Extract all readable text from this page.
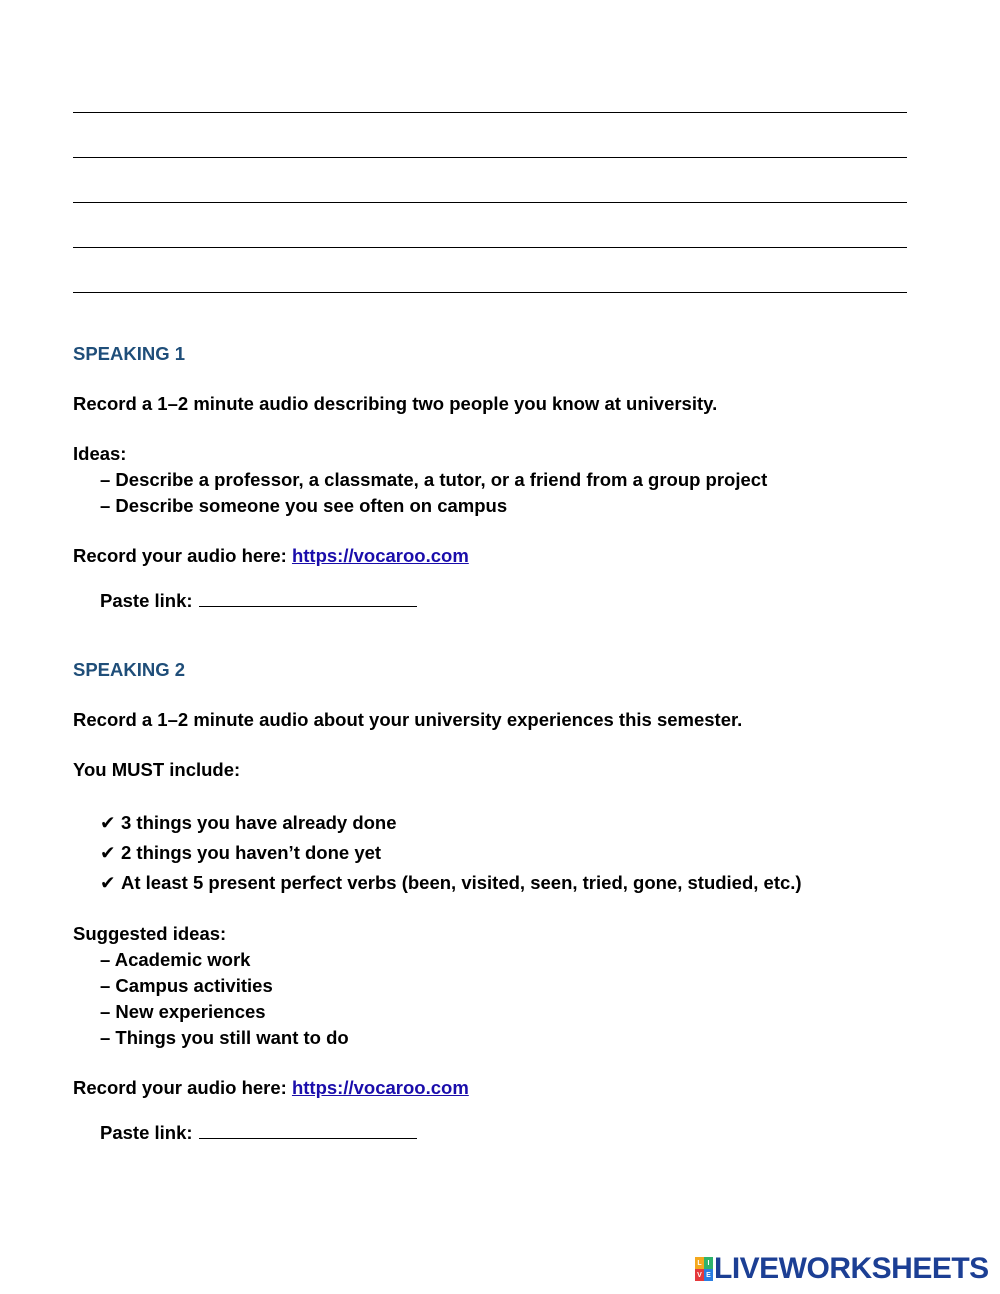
SPEAKING 1
Record a 1–2 minute audio describing two people you know at university.
Ideas:
– Describe a professor, a classmate, a tutor, or a friend from a group project
– Describe someone you see often on campus
Record your audio here: https://vocaroo.com
Paste link:
SPEAKING 2
Record a 1–2 minute audio about your university experiences this semester.
You MUST include:
✔ 3 things you have already done
✔ 2 things you haven’t done yet
✔ At least 5 present perfect verbs (been, visited, seen, tried, gone, studied, etc.)
Suggested ideas:
– Academic work
– Campus activities
– New experiences
– Things you still want to do
Record your audio here: https://vocaroo.com
Paste link:
L I
V E LIVEWORKSHEETS
